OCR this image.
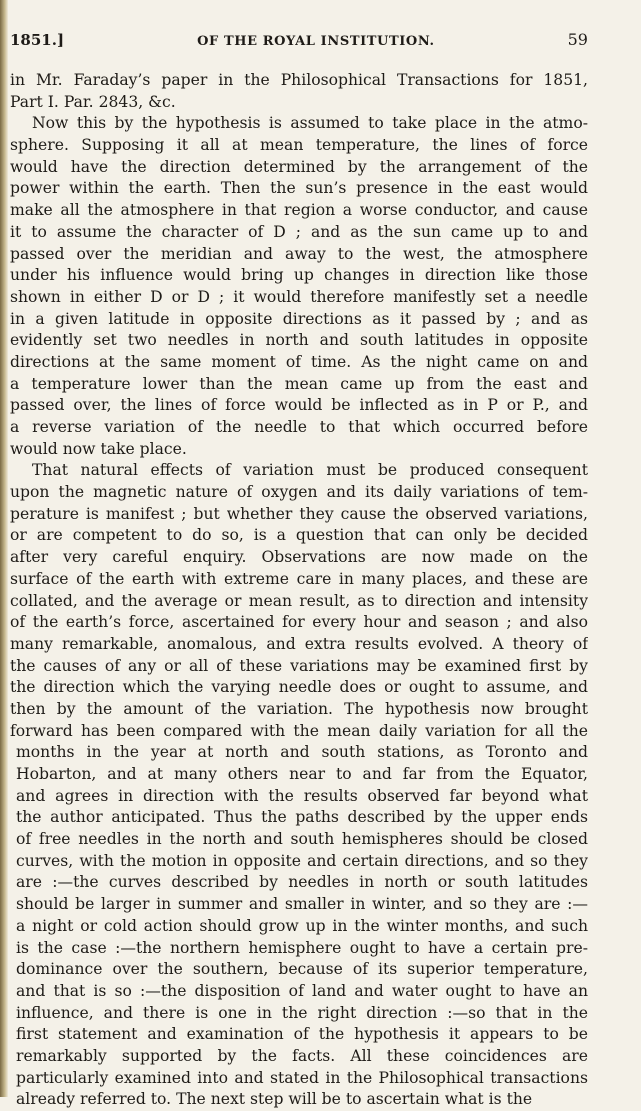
1851.]	OF THE ROYAL INSTITUTION.	59
in Mr. Faraday’s paper in the Philosophical Transactions for 1851,
Part I. Par. 2843, &c.
Now this by the hypothesis is assumed to take place in the atmo-
sphere. Supposing it all at mean temperature, the lines of force
would have the direction determined by the arrangement of the
power within the earth. Then the sun’s presence in the east would
make all the atmosphere in that region a worse conductor, and cause
it to assume the character of D ; and as the sun came up to and
passed over the meridian and away to the west, the atmosphere
under his influence would bring up changes in direction like those
shown in either D or D ; it would therefore manifestly set a needle
in a given latitude in opposite directions as it passed by ; and as
evidently set two needles in north and south latitudes in opposite
directions at the same moment of time. As the night came on and
a temperature lower than the mean came up from the east and
passed over, the lines of force would be inflected as in P or P., and
a reverse variation of the needle to that which occurred before
would now take place.
That natural effects of variation must be produced consequent
upon the magnetic nature of oxygen and its daily variations of tem-
perature is manifest ; but whether they cause the observed variations,
or are competent to do so, is a question that can only be decided
after very careful enquiry. Observations are now made on the
surface of the earth with extreme care in many places, and these are
collated, and the average or mean result, as to direction and intensity
of the earth’s force, ascertained for every hour and season ; and also
many remarkable, anomalous, and extra results evolved. A theory of
the causes of any or all of these variations may be examined first by
the direction which the varying needle does or ought to assume, and
then by the amount of the variation. The hypothesis now brought
forward has been compared with the mean daily variation for all the
months in the year at north and south stations, as Toronto and
Hobarton, and at many others near to and far from the Equator,
and agrees in direction with the results observed far beyond what
the author anticipated. Thus the paths described by the upper ends
of free needles in the north and south hemispheres should be closed
curves, with the motion in opposite and certain directions, and so they
are :—the curves described by needles in north or south latitudes
should be larger in summer and smaller in winter, and so they are :—
a night or cold action should grow up in the winter months, and such
is the case :—the northern hemisphere ought to have a certain pre-
dominance over the southern, because of its superior temperature,
and that is so :—the disposition of land and water ought to have an
influence, and there is one in the right direction :—so that in the
first statement and examination of the hypothesis it appears to be
remarkably supported by the facts. All these coincidences are
particularly examined into and stated in the Philosophical transactions
already referred to. The next step will be to ascertain what is the
